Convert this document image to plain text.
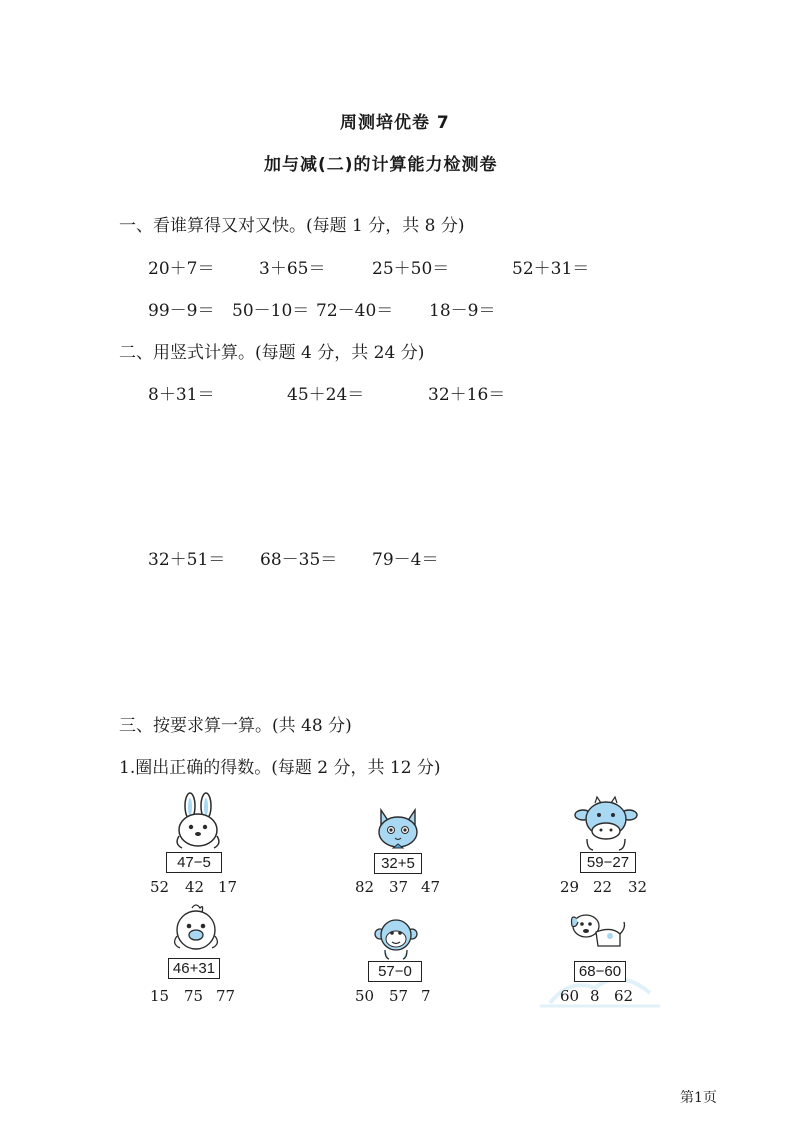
周测培优卷 7
加与减(二)的计算能力检测卷
一、看谁算得又对又快。(每题 1 分，共 8 分)
20＋7＝	3＋65＝	25＋50＝	52＋31＝
99－9＝ 50－10＝ 72－40＝ 18－9＝
二、用竖式计算。(每题 4 分，共 24 分)
8＋31＝	45＋24＝	32＋16＝
32＋51＝ 68－35＝ 79－4＝
三、按要求算一算。(共 48 分)
1.圈出正确的得数。(每题 2 分，共 12 分)
47−5
52 42 17
32+5
82 37 47
59−27
29 22 32
46+31
15 75 77
57−0
50 57 7
68−60
60 8 62
第1页
